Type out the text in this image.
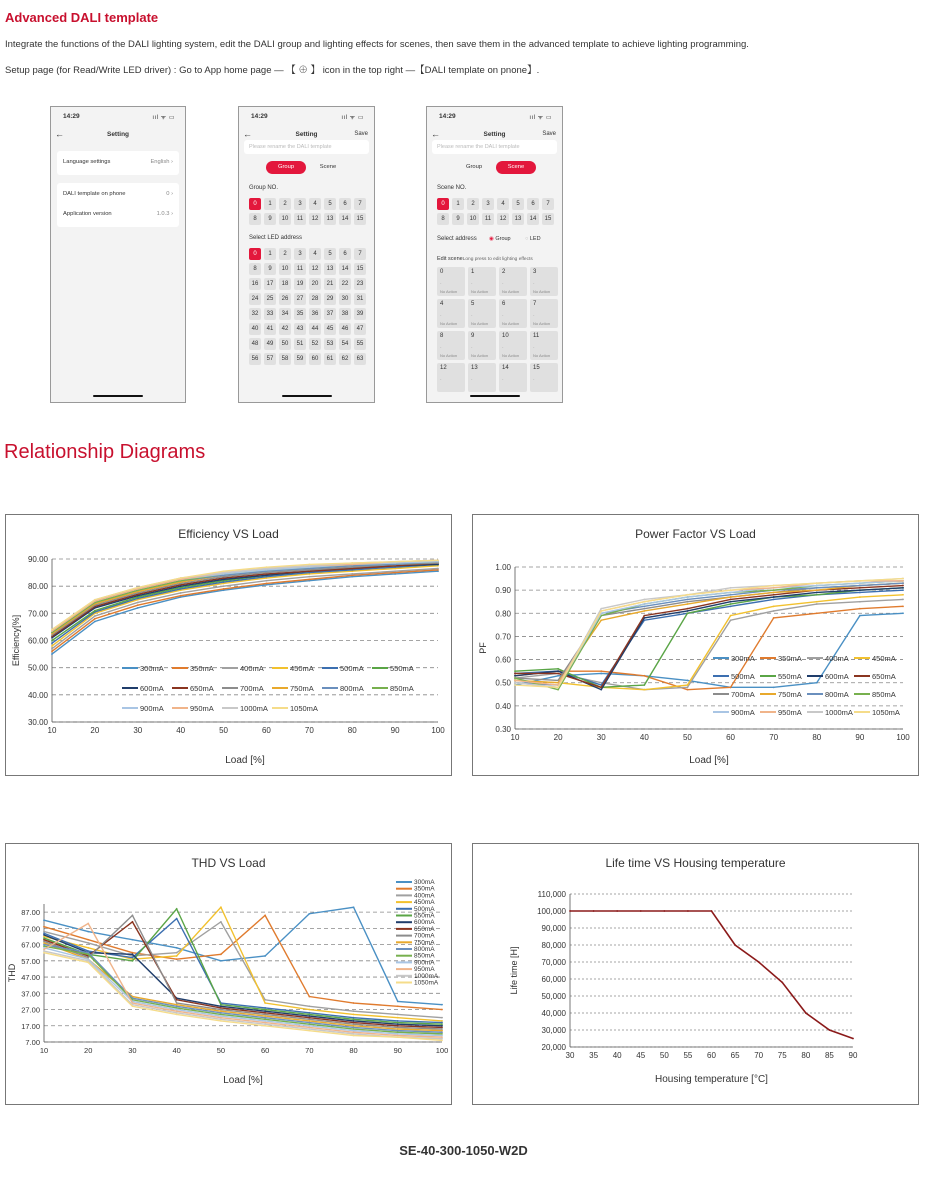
Advanced DALI template
Integrate the functions of the DALI lighting system, edit the DALI group and lighting effects for scenes, then save them in the advanced template to achieve lighting programming.
Setup page (for Read/Write LED driver) : Go to App home page — 【 ⊕ 】 icon in the top right —【DALI template on pnone】.
14:29	ııl ᯤ ▭
←	Setting
Language settings	English ›
DALI template on phone	0 ›
Application version	1.0.3 ›
14:29	ııl ᯤ ▭
←	Setting	Save
Please rename the DALI template
Group	Scene
Group NO.
0	1	2	3	4	5	6	7
8	9	10	11	12	13	14	15
Select LED address
0	1	2	3	4	5	6	7
8	9	10	11	12	13	14	15
16	17	18	19	20	21	22	23
24	25	26	27	28	29	30	31
32	33	34	35	36	37	38	39
40	41	42	43	44	45	46	47
48	49	50	51	52	53	54	55
56	57	58	59	60	61	62	63
14:29	ııl ᯤ ▭
←	Setting	Save
Please rename the DALI template
Group	Scene
Scene NO.
0	1	2	3	4	5	6	7
8	9	10	11	12	13	14	15
Select address ◉ Group	○ LED
Edit sceneLong press to edit lighting effects
0
-
No Action
1
-
No Action
2
-
No Action
3
-
No Action
4
-
No Action
5
-
No Action
6
-
No Action
7
-
No Action
8
-
No Action
9
-
No Action
10
-
No Action
11
-
No Action
12
-
13
-
14
-
15
-
Relationship Diagrams
Efficiency VS Load
30.00
40.00
50.00
60.00
70.00
80.00
90.00
10	20	30	40	50	60	70	80	90	100
Load [%]
Efficiency[%]
300mA	350mA	400mA	450mA	500mA	550mA
600mA	650mA	700mA	750mA	800mA	850mA
900mA	950mA	1000mA	1050mA
Power Factor VS Load
0.30
0.40
0.50
0.60
0.70
0.80
0.90
1.00
10	20	30	40	50	60	70	80	90	100
Load [%]
PF
300mA	350mA	400mA	450mA
500mA	550mA	600mA	650mA
700mA	750mA	800mA	850mA
900mA	950mA	1000mA	1050mA
THD VS Load
7.00
17.00
27.00
37.00
47.00
57.00
67.00
77.00
87.00
10	20	30	40	50	60	70	80	90	100
Load [%]
THD
300mA
350mA
400mA
450mA
500mA
550mA
600mA
650mA
700mA
750mA
800mA
850mA
900mA
950mA
1000mA
1050mA
Life time VS Housing temperature
20,000
30,000
40,000
50,000
60,000
70,000
80,000
90,000
100,000
110,000
30 35 40 45 50 55 60 65 70 75 80 85 90
Housing temperature [°C]
Life time [H]
SE-40-300-1050-W2D
